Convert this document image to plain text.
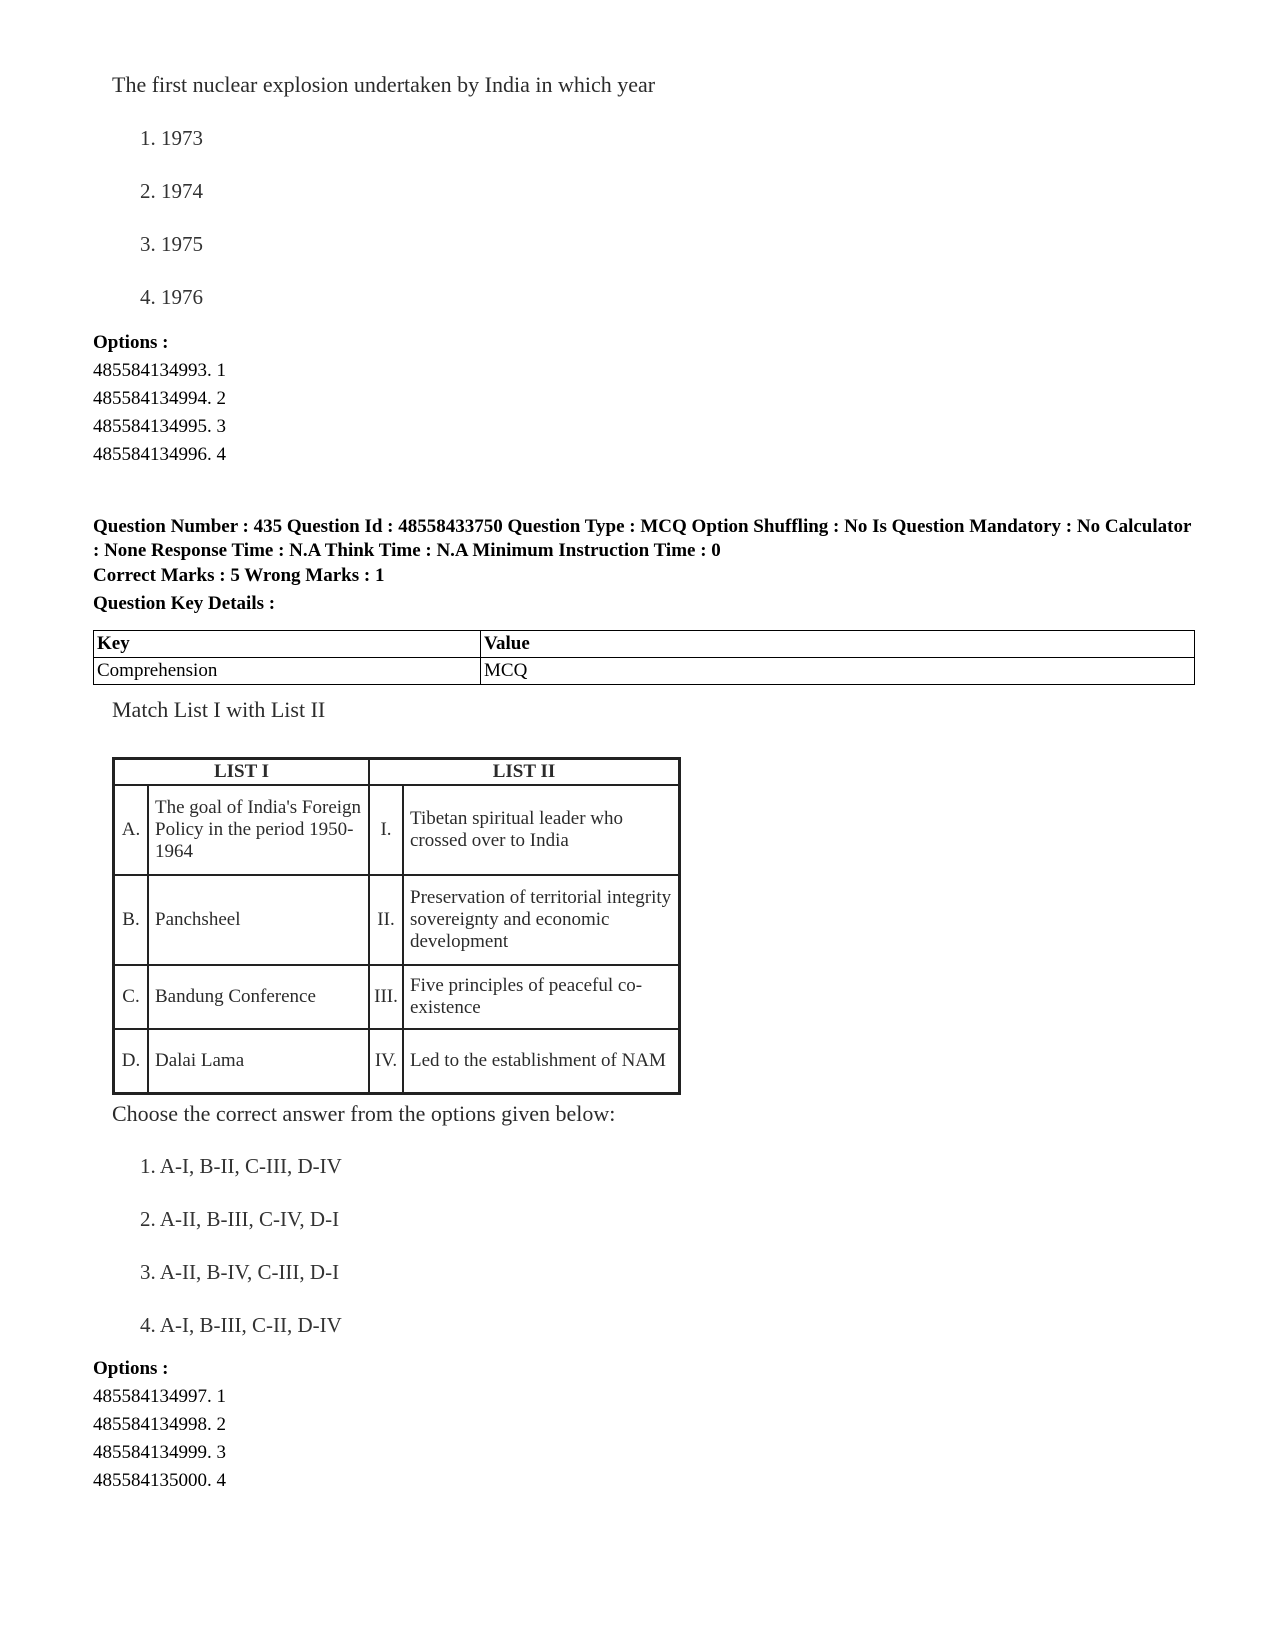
The first nuclear explosion undertaken by India in which year
1. 1973
2. 1974
3. 1975
4. 1976
Options :
485584134993. 1
485584134994. 2
485584134995. 3
485584134996. 4
Question Number : 435 Question Id : 48558433750 Question Type : MCQ Option Shuffling : No Is Question Mandatory : No Calculator : None Response Time : N.A Think Time : N.A Minimum Instruction Time : 0
Correct Marks : 5 Wrong Marks : 1
Question Key Details :
Key	Value
Comprehension	MCQ
Match List I with List II
LIST I		LIST II	
A.	The goal of India's Foreign Policy in the period 1950-1964	I.	Tibetan spiritual leader who crossed over to India
B.	Panchsheel	II.	Preservation of territorial integrity sovereignty and economic development
C.	Bandung Conference	III.	Five principles of peaceful co-existence
D.	Dalai Lama	IV.	Led to the establishment of NAM
Choose the correct answer from the options given below:
1. A-I, B-II, C-III, D-IV
2. A-II, B-III, C-IV, D-I
3. A-II, B-IV, C-III, D-I
4. A-I, B-III, C-II, D-IV
Options :
485584134997. 1
485584134998. 2
485584134999. 3
485584135000. 4
